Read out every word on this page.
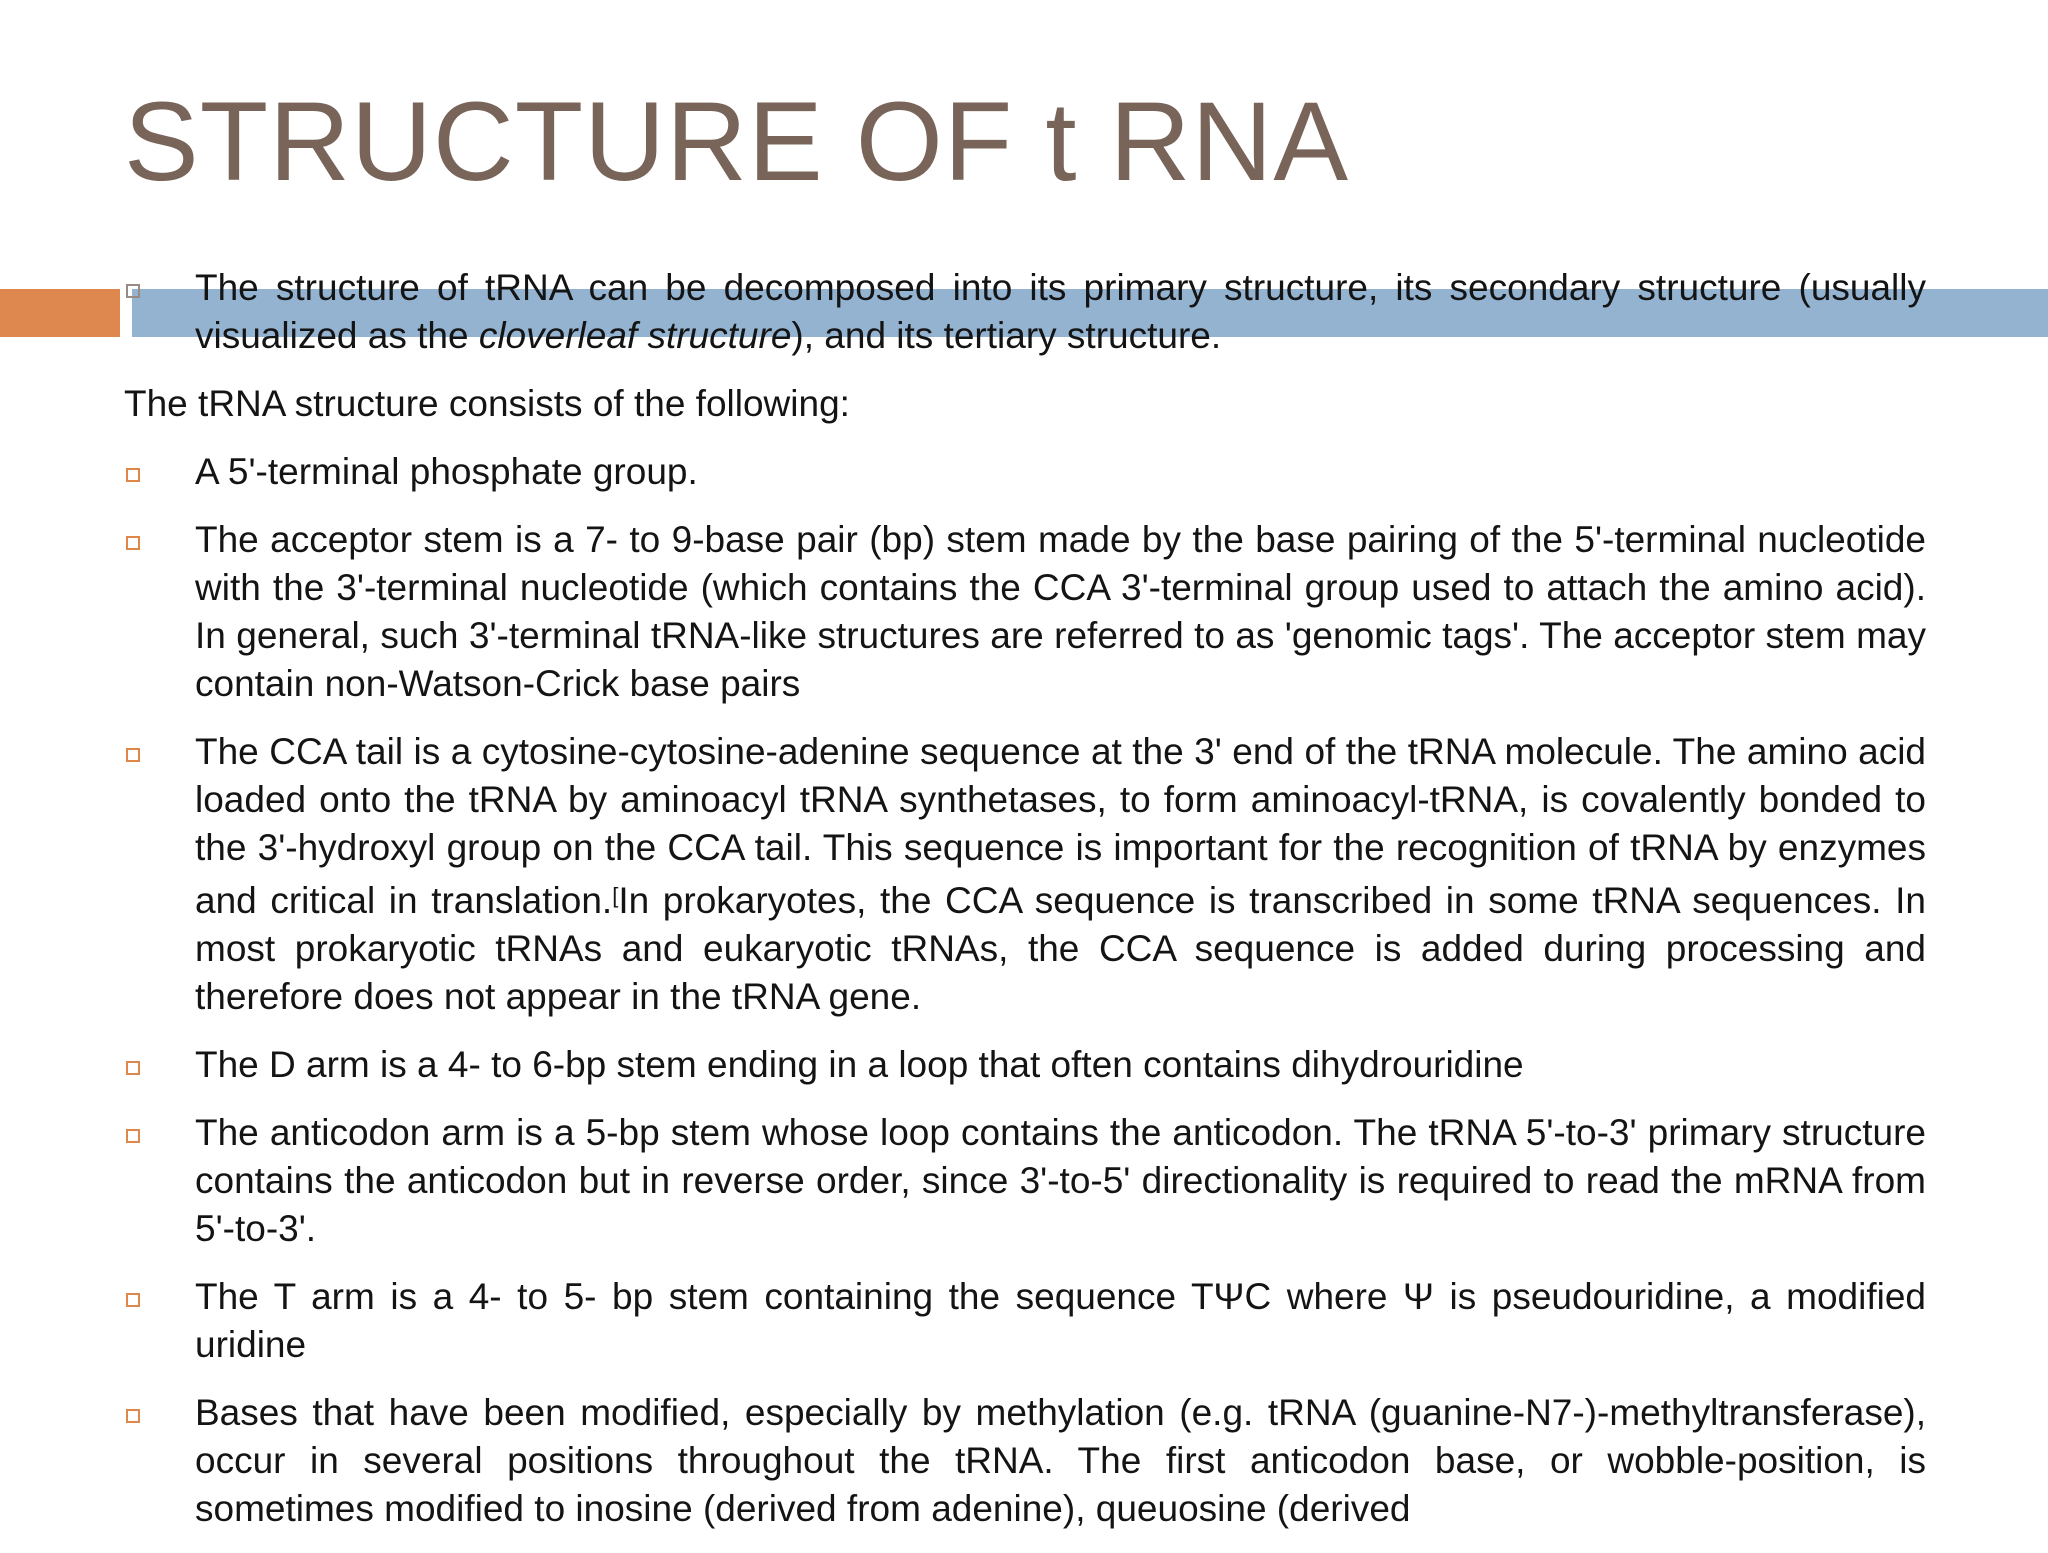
STRUCTURE OF t RNA
The structure of tRNA can be decomposed into its primary structure, its secondary structure (usually visualized as the cloverleaf structure), and its tertiary structure.

The tRNA structure consists of the following:

A 5'-terminal phosphate group.
The acceptor stem is a 7- to 9-base pair (bp) stem made by the base pairing of the 5'-terminal nucleotide with the 3'-terminal nucleotide (which contains the CCA 3'-terminal group used to attach the amino acid). In general, such 3'-terminal tRNA-like structures are referred to as 'genomic tags'. The acceptor stem may contain non-Watson-Crick base pairs
The CCA tail is a cytosine-cytosine-adenine sequence at the 3' end of the tRNA molecule. The amino acid loaded onto the tRNA by aminoacyl tRNA synthetases, to form aminoacyl-tRNA, is covalently bonded to the 3'-hydroxyl group on the CCA tail. This sequence is important for the recognition of tRNA by enzymes and critical in translation.[In prokaryotes, the CCA sequence is transcribed in some tRNA sequences. In most prokaryotic tRNAs and eukaryotic tRNAs, the CCA sequence is added during processing and therefore does not appear in the tRNA gene.
The D arm is a 4- to 6-bp stem ending in a loop that often contains dihydrouridine
The anticodon arm is a 5-bp stem whose loop contains the anticodon. The tRNA 5'-to-3' primary structure contains the anticodon but in reverse order, since 3'-to-5' directionality is required to read the mRNA from 5'-to-3'.
The T arm is a 4- to 5- bp stem containing the sequence TΨC where Ψ is pseudouridine, a modified uridine
Bases that have been modified, especially by methylation (e.g. tRNA (guanine-N7-)-methyltransferase), occur in several positions throughout the tRNA. The first anticodon base, or wobble-position, is sometimes modified to inosine (derived from adenine), queuosine (derived
